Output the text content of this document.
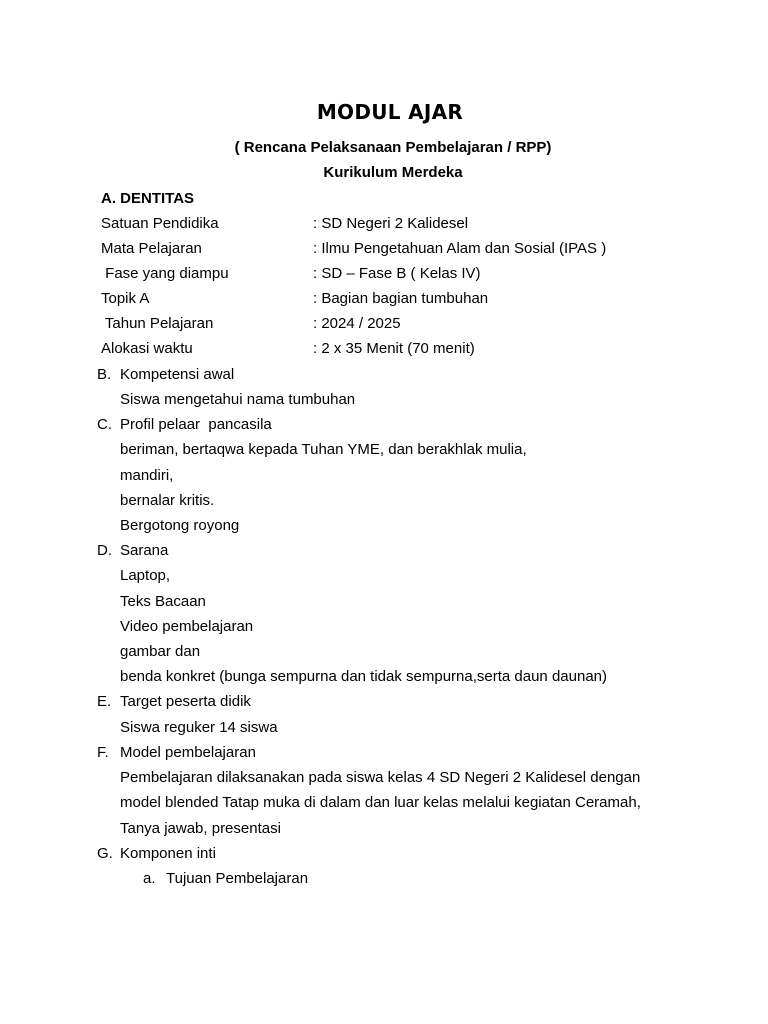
MODUL AJAR
( Rencana Pelaksanaan Pembelajaran / RPP)
Kurikulum Merdeka
A. DENTITAS
Satuan Pendidika	: SD Negeri 2 Kalidesel
Mata Pelajaran	: Ilmu Pengetahuan Alam dan Sosial (IPAS )
Fase yang diampu	: SD – Fase B ( Kelas IV)
Topik A	: Bagian bagian tumbuhan
Tahun Pelajaran	: 2024 / 2025
Alokasi waktu	: 2 x 35 Menit (70 menit)
B. Kompetensi awal
Siswa mengetahui nama tumbuhan
C. Profil pelaar  pancasila
beriman, bertaqwa kepada Tuhan YME, dan berakhlak mulia,
mandiri,
bernalar kritis.
Bergotong royong
D. Sarana
Laptop,
Teks Bacaan
Video pembelajaran
gambar dan
benda konkret (bunga sempurna dan tidak sempurna,serta daun daunan)
E. Target peserta didik
Siswa reguker 14 siswa
F. Model pembelajaran
Pembelajaran dilaksanakan pada siswa kelas 4 SD Negeri 2 Kalidesel dengan
model blended Tatap muka di dalam dan luar kelas melalui kegiatan Ceramah,
Tanya jawab, presentasi
G. Komponen inti
a. Tujuan Pembelajaran
